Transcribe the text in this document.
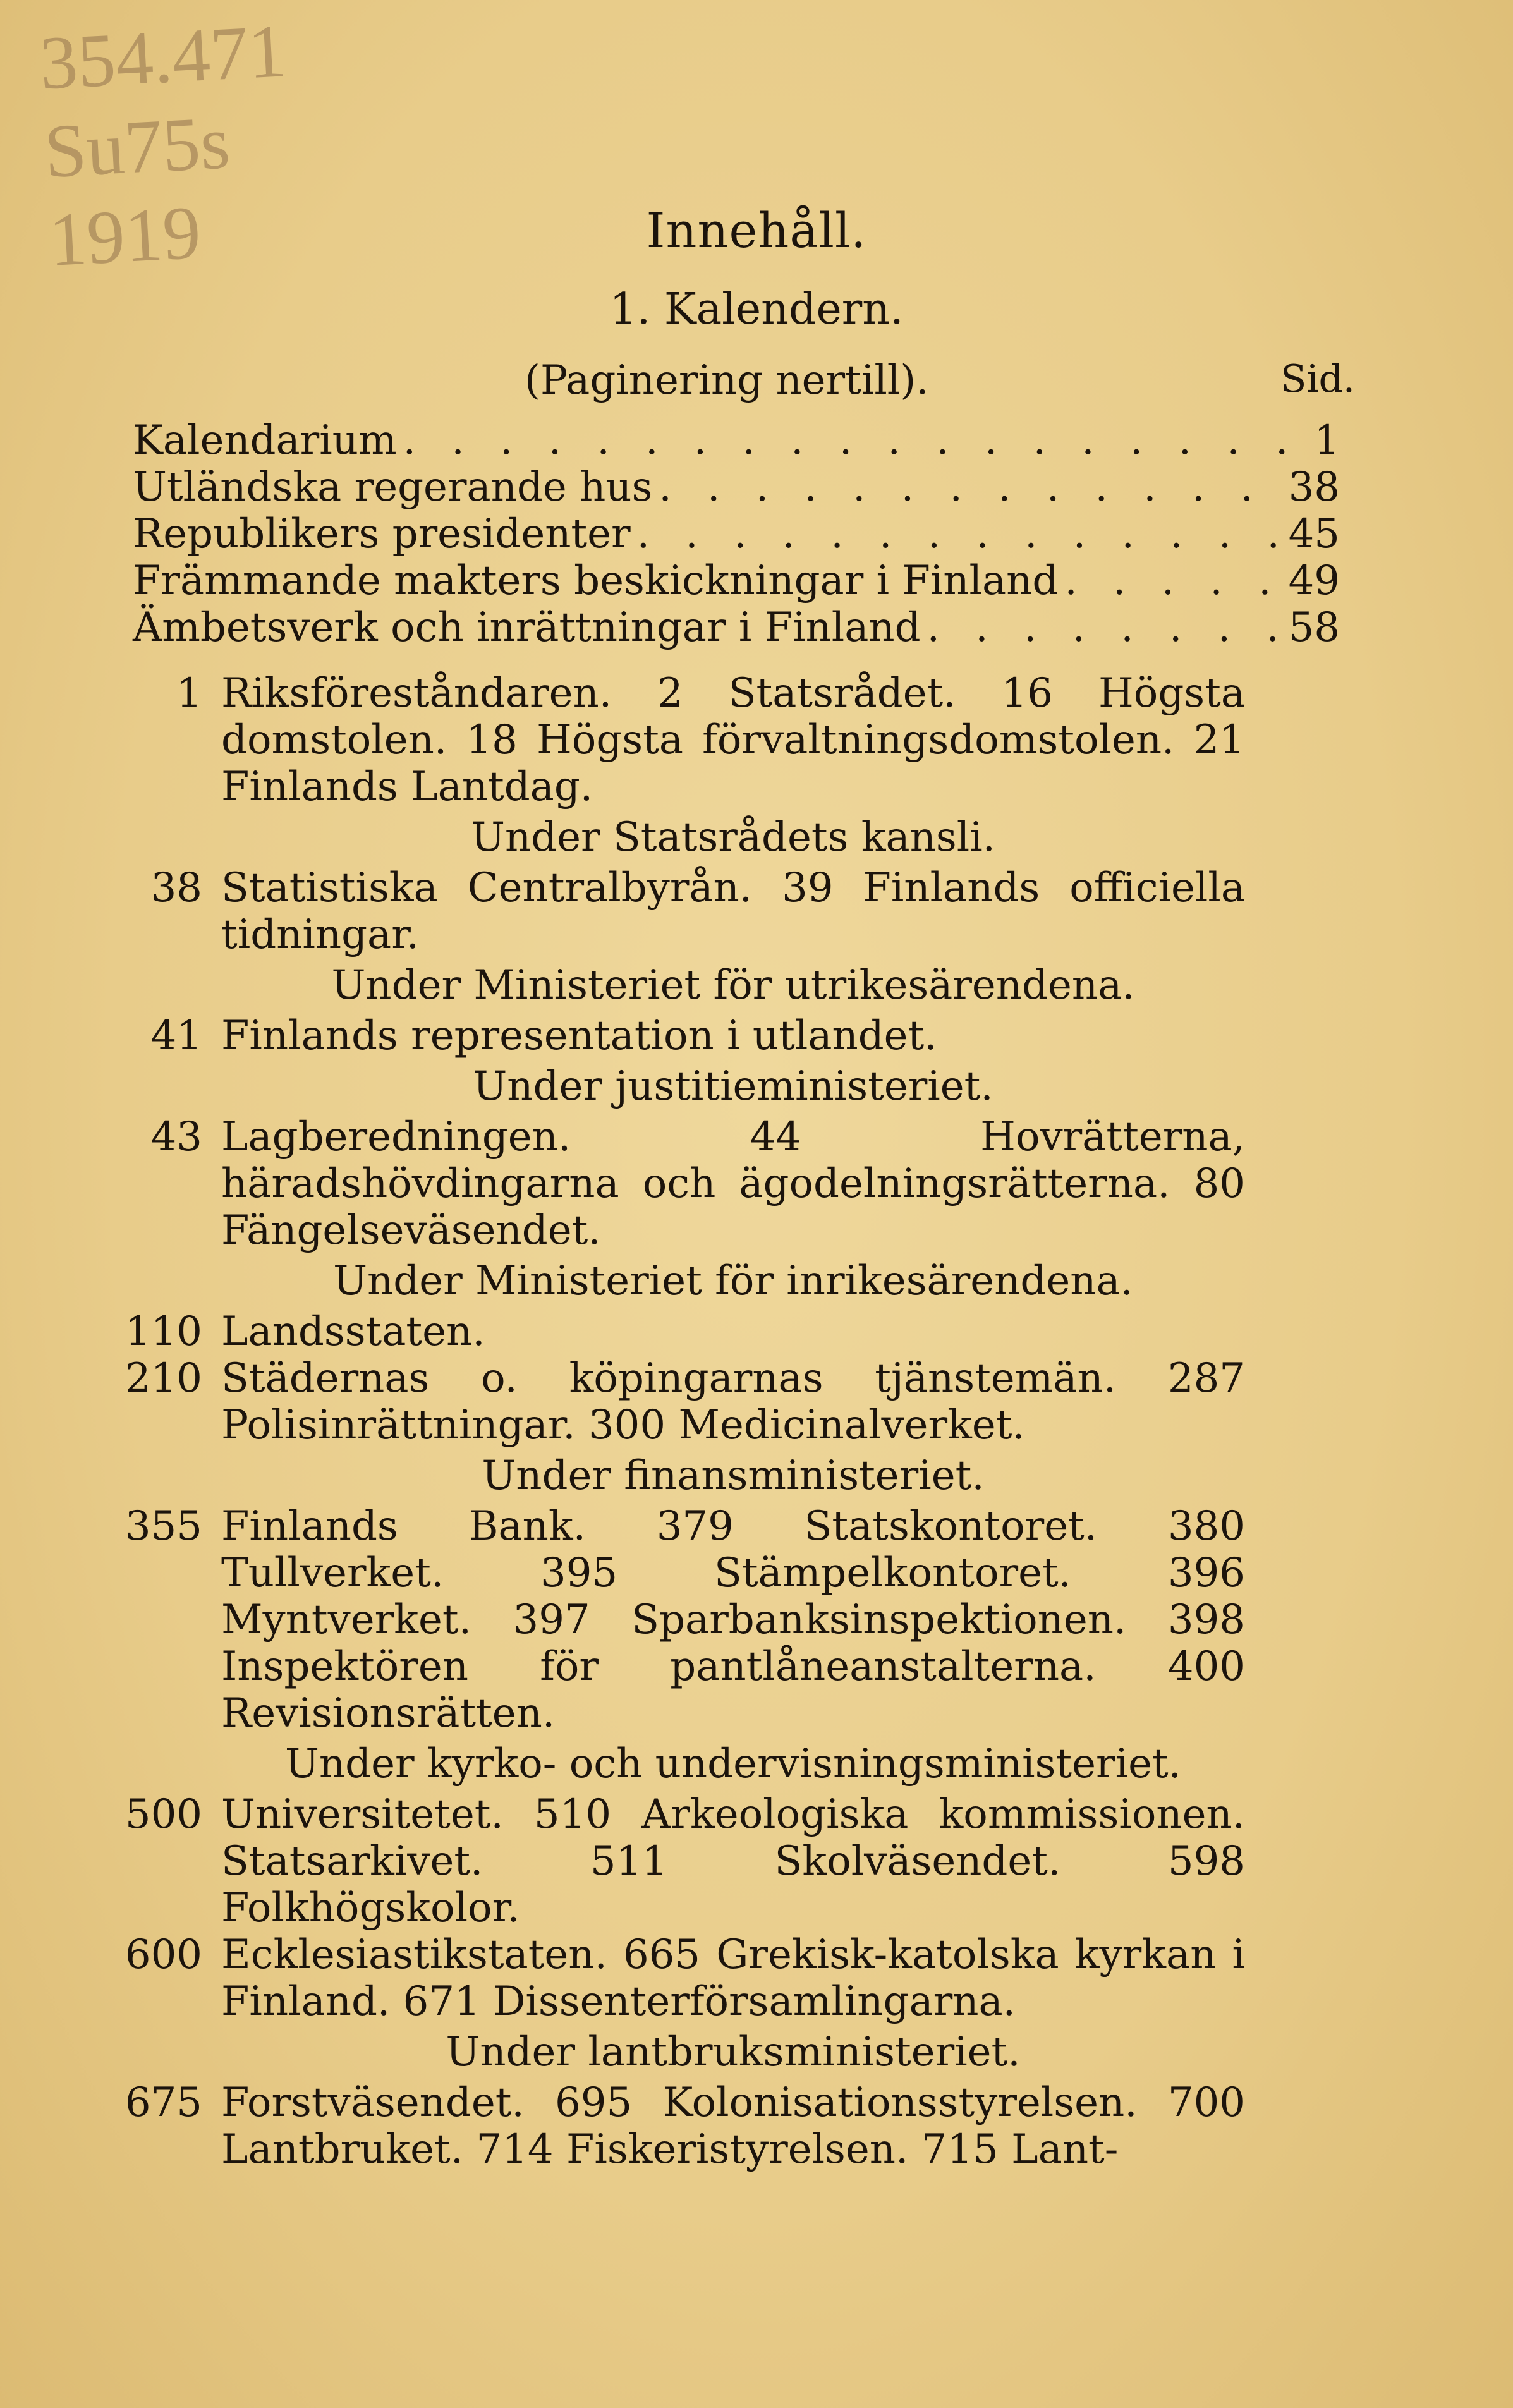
354.471
Su75s
1919	Innehåll.
1. Kalendern.
(Paginering nertill).	Sid.
Kalendarium . . .	1
Utländska regerande hus . . .	38
Republikers presidenter . . .	45
Främmande makters beskickningar i Finland . . .	49
Ämbetsverk och inrättningar i Finland . . .	58
1 Riksföreståndaren. 2 Statsrådet. 16 Högsta domstolen. 18 Högsta förvaltningsdomstolen. 21 Finlands Lantdag.
Under Statsrådets kansli.
38 Statistiska Centralbyrån. 39 Finlands officiella tidningar.
Under Ministeriet för utrikesärendena.
41 Finlands representation i utlandet.
Under justitieministeriet.
43 Lagberedningen. 44 Hovrätterna, häradshövdingarna och ägodelningsrätterna. 80 Fängelseväsendet.
Under Ministeriet för inrikesärendena.
110 Landsstaten.
210 Städernas o. köpingarnas tjänstemän. 287 Polisinrättningar. 300 Medicinalverket.
Under finansministeriet.
355 Finlands Bank. 379 Statskontoret. 380 Tullverket. 395 Stämpelkontoret. 396 Myntverket. 397 Sparbanksinspektionen. 398 Inspektören för pantlåneanstalterna. 400 Revisionsrätten.
Under kyrko- och undervisningsministeriet.
500 Universitetet. 510 Arkeologiska kommissionen. Statsarkivet. 511 Skolväsendet. 598 Folkhögskolor.
600 Ecklesiastikstaten. 665 Grekisk-katolska kyrkan i Finland. 671 Dissenterförsamlingarna.
Under lantbruksministeriet.
675 Forstväsendet. 695 Kolonisationsstyrelsen. 700 Lantbruket. 714 Fiskeristyrelsen. 715 Lant-
